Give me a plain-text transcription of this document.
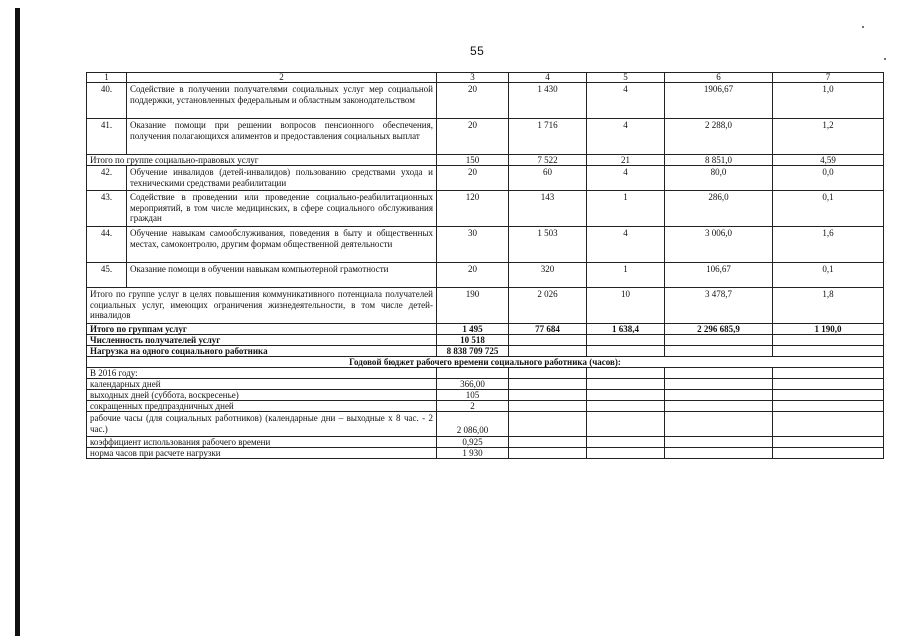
55
1	2	3	4	5	6	7
40.	Содействие в получении получателями социальных услуг мер социальной поддержки, установленных федеральным и областным законодательством	20	1 430	4	1906,67	1,0
41.	Оказание помощи при решении вопросов пенсионного обеспечения, получения полагающихся алиментов и предоставления социальных выплат	20	1 716	4	2 288,0	1,2
Итого по группе социально-правовых услуг		150	7 522	21	8 851,0	4,59
42.	Обучение инвалидов (детей-инвалидов) пользованию средствами ухода и техническими средствами реабилитации	20	60	4	80,0	0,0
43.	Содействие в проведении или проведение социально-реабилитационных мероприятий, в том числе медицинских, в сфере социального обслуживания граждан	120	143	1	286,0	0,1
44.	Обучение навыкам самообслуживания, поведения в быту и общественных местах, самоконтролю, другим формам общественной деятельности	30	1 503	4	3 006,0	1,6
45.	Оказание помощи в обучении навыкам компьютерной грамотности	20	320	1	106,67	0,1
Итого по группе услуг в целях повышения коммуникативного потенциала получателей социальных услуг, имеющих ограничения жизнедеятельности, в том числе детей-инвалидов		190	2 026	10	3 478,7	1,8
Итого по группам услуг		1 495	77 684	1 638,4	2 296 685,9	1 190,0
Численность получателей услуг		10 518				
Нагрузка на одного социального работника		8 838 709 725				
Годовой бюджет рабочего времени социального работника (часов):						
В 2016 году:						
календарных дней		366,00				
выходных дней (суббота, воскресенье)		105				
сокращенных предпраздничных дней		2				
рабочие часы (для социальных работников) (календарные дни – выходные х 8 час. - 2 час.)		2 086,00				
коэффициент использования рабочего времени		0,925				
норма часов при расчете нагрузки		1 930				
